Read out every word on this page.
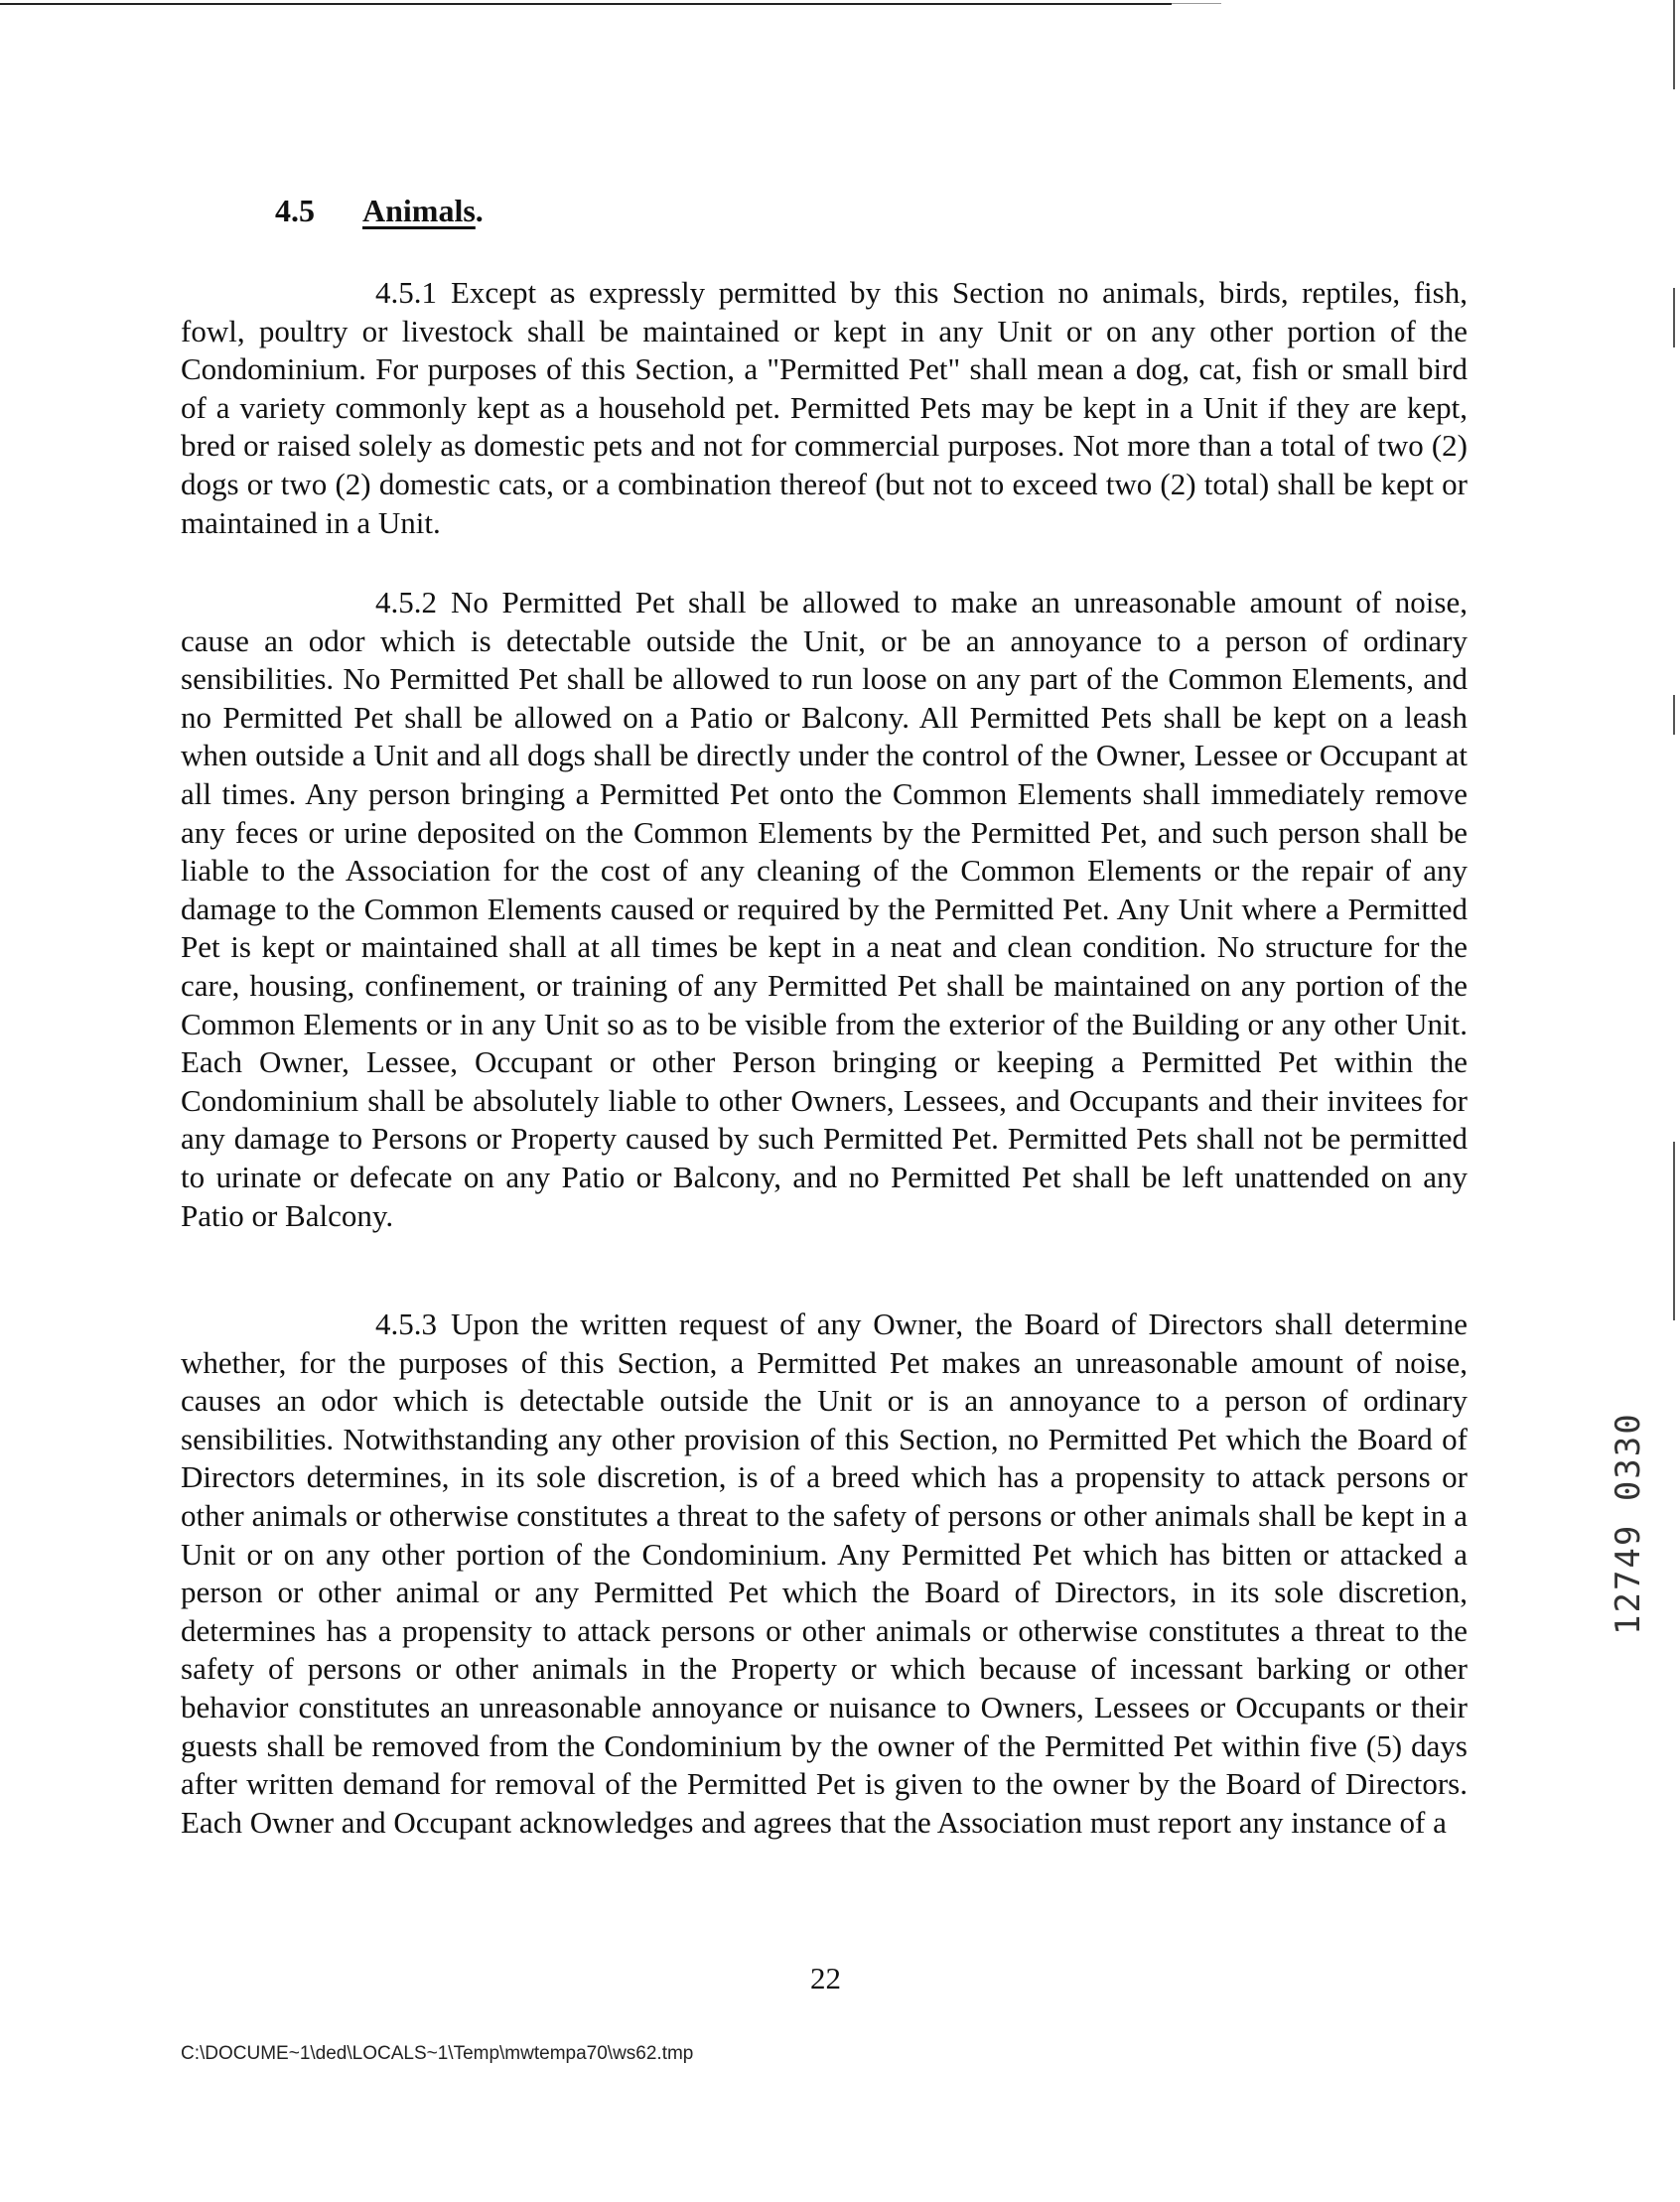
4.5 Animals.

4.5.1 Except as expressly permitted by this Section no animals, birds, reptiles, fish, fowl, poultry or livestock shall be maintained or kept in any Unit or on any other portion of the Condominium. For purposes of this Section, a "Permitted Pet" shall mean a dog, cat, fish or small bird of a variety commonly kept as a household pet. Permitted Pets may be kept in a Unit if they are kept, bred or raised solely as domestic pets and not for commercial purposes. Not more than a total of two (2) dogs or two (2) domestic cats, or a combination thereof (but not to exceed two (2) total) shall be kept or maintained in a Unit.

4.5.2 No Permitted Pet shall be allowed to make an unreasonable amount of noise, cause an odor which is detectable outside the Unit, or be an annoyance to a person of ordinary sensibilities. No Permitted Pet shall be allowed to run loose on any part of the Common Elements, and no Permitted Pet shall be allowed on a Patio or Balcony. All Permitted Pets shall be kept on a leash when outside a Unit and all dogs shall be directly under the control of the Owner, Lessee or Occupant at all times. Any person bringing a Permitted Pet onto the Common Elements shall immediately remove any feces or urine deposited on the Common Elements by the Permitted Pet, and such person shall be liable to the Association for the cost of any cleaning of the Common Elements or the repair of any damage to the Common Elements caused or required by the Permitted Pet. Any Unit where a Permitted Pet is kept or maintained shall at all times be kept in a neat and clean condition. No structure for the care, housing, confinement, or training of any Permitted Pet shall be maintained on any portion of the Common Elements or in any Unit so as to be visible from the exterior of the Building or any other Unit. Each Owner, Lessee, Occupant or other Person bringing or keeping a Permitted Pet within the Condominium shall be absolutely liable to other Owners, Lessees, and Occupants and their invitees for any damage to Persons or Property caused by such Permitted Pet. Permitted Pets shall not be permitted to urinate or defecate on any Patio or Balcony, and no Permitted Pet shall be left unattended on any Patio or Balcony.

4.5.3 Upon the written request of any Owner, the Board of Directors shall determine whether, for the purposes of this Section, a Permitted Pet makes an unreasonable amount of noise, causes an odor which is detectable outside the Unit or is an annoyance to a person of ordinary sensibilities. Notwithstanding any other provision of this Section, no Permitted Pet which the Board of Directors determines, in its sole discretion, is of a breed which has a propensity to attack persons or other animals or otherwise constitutes a threat to the safety of persons or other animals shall be kept in a Unit or on any other portion of the Condominium. Any Permitted Pet which has bitten or attacked a person or other animal or any Permitted Pet which the Board of Directors, in its sole discretion, determines has a propensity to attack persons or other animals or otherwise constitutes a threat to the safety of persons or other animals in the Property or which because of incessant barking or other behavior constitutes an unreasonable annoyance or nuisance to Owners, Lessees or Occupants or their guests shall be removed from the Condominium by the owner of the Permitted Pet within five (5) days after written demand for removal of the Permitted Pet is given to the owner by the Board of Directors. Each Owner and Occupant acknowledges and agrees that the Association must report any instance of a

22
C:\DOCUME~1\ded\LOCALS~1\Temp\mwtempa70\ws62.tmp
12749 0330
